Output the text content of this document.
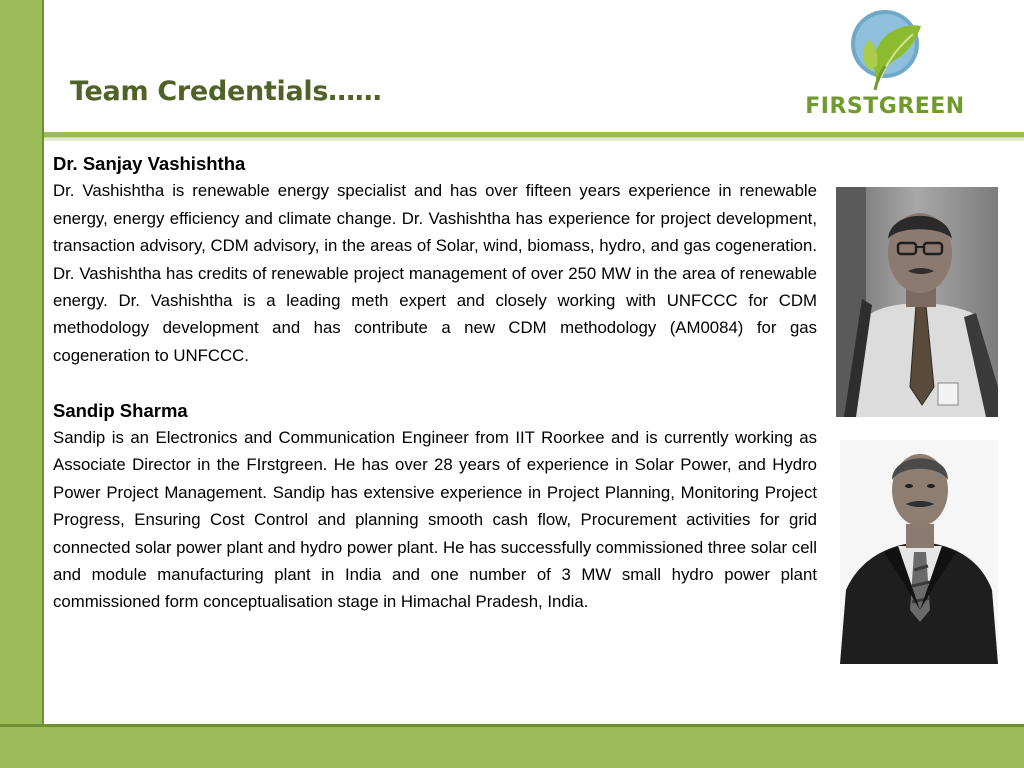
Team Credentials……	FIRSTGREEN
Dr. Sanjay Vashishtha
Dr. Vashishtha is renewable energy specialist and has over fifteen years experience in renewable energy, energy efficiency and climate change. Dr. Vashishtha has experience for project development, transaction advisory, CDM advisory, in the areas of Solar, wind, biomass, hydro, and gas cogeneration. Dr. Vashishtha has credits of renewable project management of over 250 MW in the area of renewable energy. Dr. Vashishtha is a leading meth expert and closely working with UNFCCC for CDM methodology development and has contribute a new CDM methodology (AM0084) for gas cogeneration to UNFCCC.
Sandip Sharma
Sandip is an Electronics and Communication Engineer from IIT Roorkee and is currently working as Associate Director in the FIrstgreen. He has over 28 years of experience in Solar Power, and Hydro Power Project Management. Sandip has extensive experience in Project Planning, Monitoring Project Progress, Ensuring Cost Control and planning smooth cash flow, Procurement activities for grid connected solar power plant and hydro power plant. He has successfully commissioned three solar cell and module manufacturing plant in India and one number of 3 MW small hydro power plant commissioned form conceptualisation stage in Himachal Pradesh, India.
